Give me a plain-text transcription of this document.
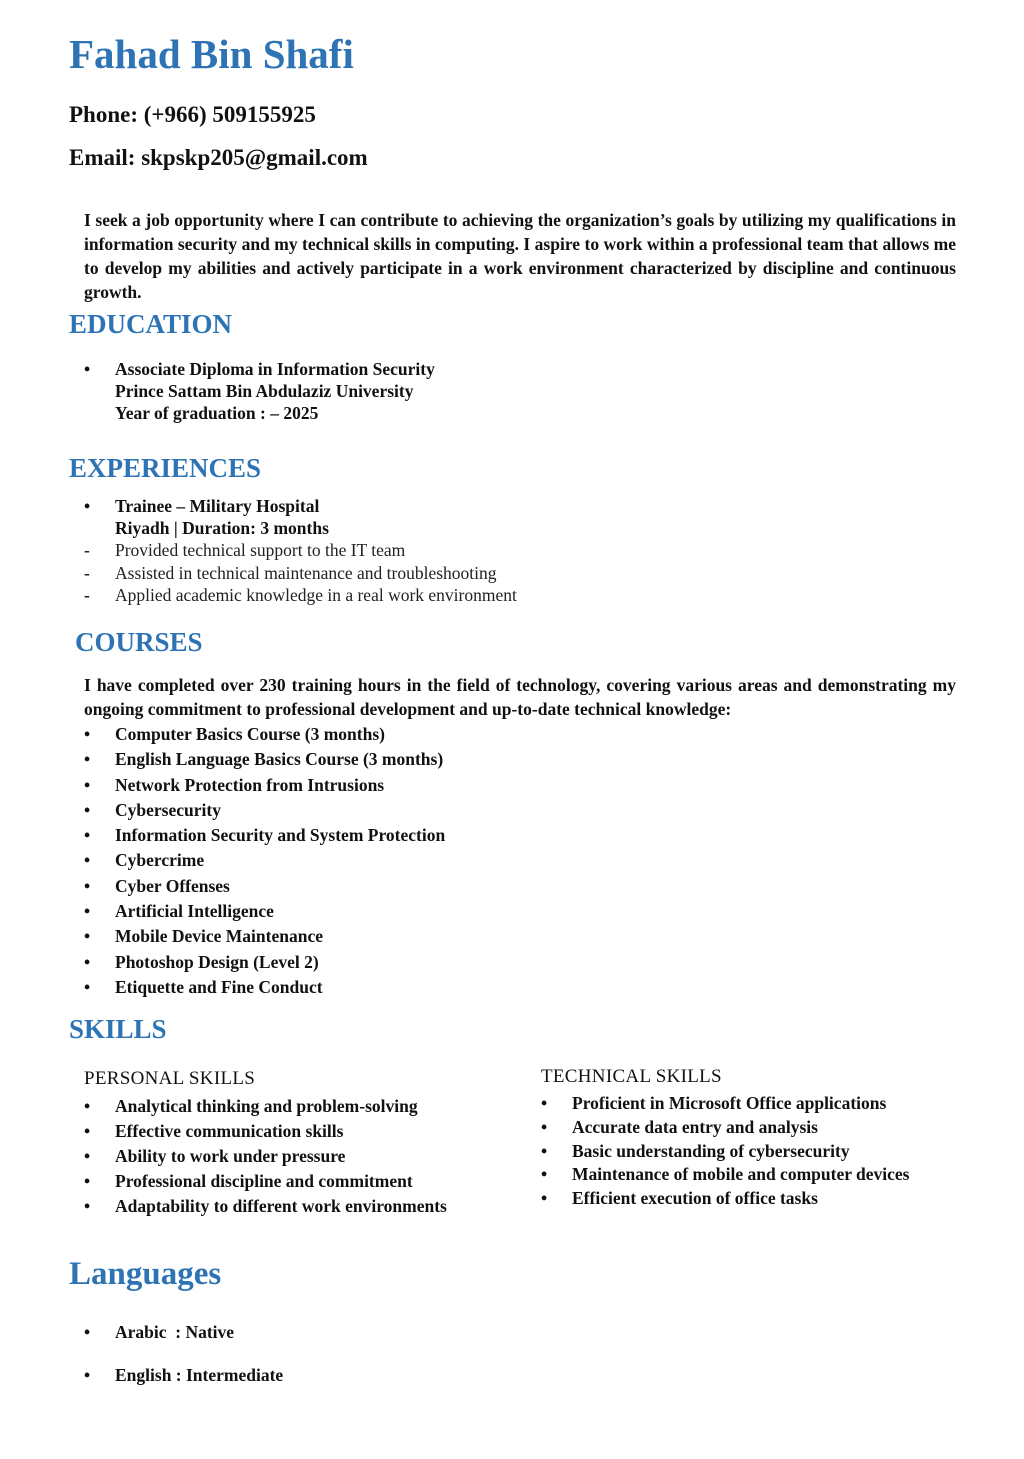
Fahad Bin Shafi
Phone: (+966) 509155925
Email: skpskp205@gmail.com
I seek a job opportunity where I can contribute to achieving the organization’s goals by utilizing my qualifications in information security and my technical skills in computing. I aspire to work within a professional team that allows me to develop my abilities and actively participate in a work environment characterized by discipline and continuous growth.
EDUCATION
• Associate Diploma in Information Security
Prince Sattam Bin Abdulaziz University
Year of graduation : – 2025
EXPERIENCES
• Trainee – Military Hospital
Riyadh | Duration: 3 months
- Provided technical support to the IT team
- Assisted in technical maintenance and troubleshooting
- Applied academic knowledge in a real work environment
COURSES
I have completed over 230 training hours in the field of technology, covering various areas and demonstrating my ongoing commitment to professional development and up-to-date technical knowledge:
• Computer Basics Course (3 months)
• English Language Basics Course (3 months)
• Network Protection from Intrusions
• Cybersecurity
• Information Security and System Protection
• Cybercrime
• Cyber Offenses
• Artificial Intelligence
• Mobile Device Maintenance
• Photoshop Design (Level 2)
• Etiquette and Fine Conduct
SKILLS
PERSONAL SKILLS
• Analytical thinking and problem-solving
• Effective communication skills
• Ability to work under pressure
• Professional discipline and commitment
• Adaptability to different work environments
TECHNICAL SKILLS
• Proficient in Microsoft Office applications
• Accurate data entry and analysis
• Basic understanding of cybersecurity
• Maintenance of mobile and computer devices
• Efficient execution of office tasks
Languages

• Arabic  : Native

• English : Intermediate
